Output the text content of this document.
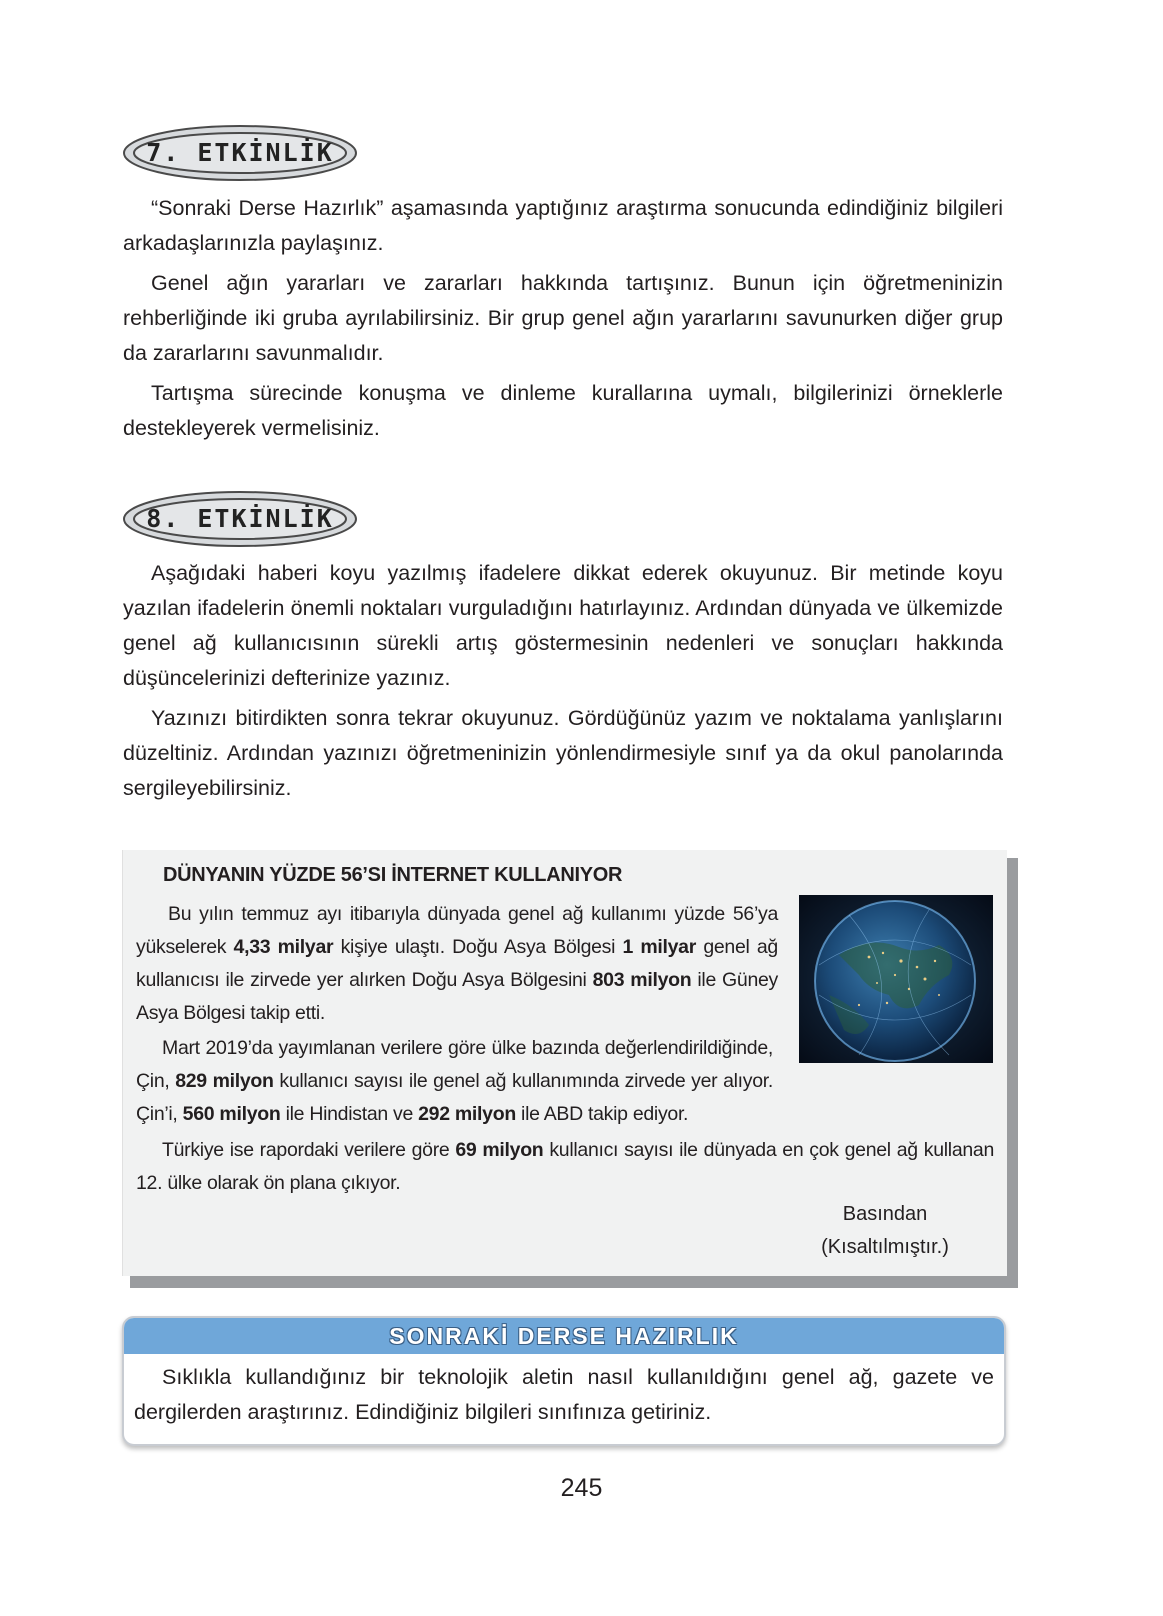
7. ETKİNLİK

“Sonraki Derse Hazırlık” aşamasında yaptığınız araştırma sonucunda edindiğiniz bilgileri arkadaşlarınızla paylaşınız.

Genel ağın yararları ve zararları hakkında tartışınız. Bunun için öğretmeninizin rehberliğinde iki gruba ayrılabilirsiniz. Bir grup genel ağın yararlarını savunurken diğer grup da zararlarını savunmalıdır.

Tartışma sürecinde konuşma ve dinleme kurallarına uymalı, bilgilerinizi örneklerle destekleyerek vermelisiniz.

8. ETKİNLİK

Aşağıdaki haberi koyu yazılmış ifadelere dikkat ederek okuyunuz. Bir metinde koyu yazılan ifadelerin önemli noktaları vurguladığını hatırlayınız. Ardından dünyada ve ülkemizde genel ağ kullanıcısının sürekli artış göstermesinin nedenleri ve sonuçları hakkında düşüncelerinizi defterinize yazınız.

Yazınızı bitirdikten sonra tekrar okuyunuz. Gördüğünüz yazım ve noktalama yanlışlarını düzeltiniz. Ardından yazınızı öğretmeninizin yönlendirmesiyle sınıf ya da okul panolarında sergileyebilirsiniz.

DÜNYANIN YÜZDE 56’SI İNTERNET KULLANIYOR

Bu yılın temmuz ayı itibarıyla dünyada genel ağ kullanımı yüzde 56’ya yükselerek 4,33 milyar kişiye ulaştı. Doğu Asya Bölgesi 1 milyar genel ağ kullanıcısı ile zirvede yer alırken Doğu Asya Bölgesini 803 milyon ile Güney Asya Bölgesi takip etti.

Mart 2019’da yayımlanan verilere göre ülke bazında değerlendirildiğinde, Çin, 829 milyon kullanıcı sayısı ile genel ağ kullanımında zirvede yer alıyor. Çin’i, 560 milyon ile Hindistan ve 292 milyon ile ABD takip ediyor.

Türkiye ise rapordaki verilere göre 69 milyon kullanıcı sayısı ile dünyada en çok genel ağ kullanan 12. ülke olarak ön plana çıkıyor.

Basından
(Kısaltılmıştır.)
SONRAKİ DERSE HAZIRLIK

Sıklıkla kullandığınız bir teknolojik aletin nasıl kullanıldığını genel ağ, gazete ve dergilerden araştırınız. Edindiğiniz bilgileri sınıfınıza getiriniz.

245
